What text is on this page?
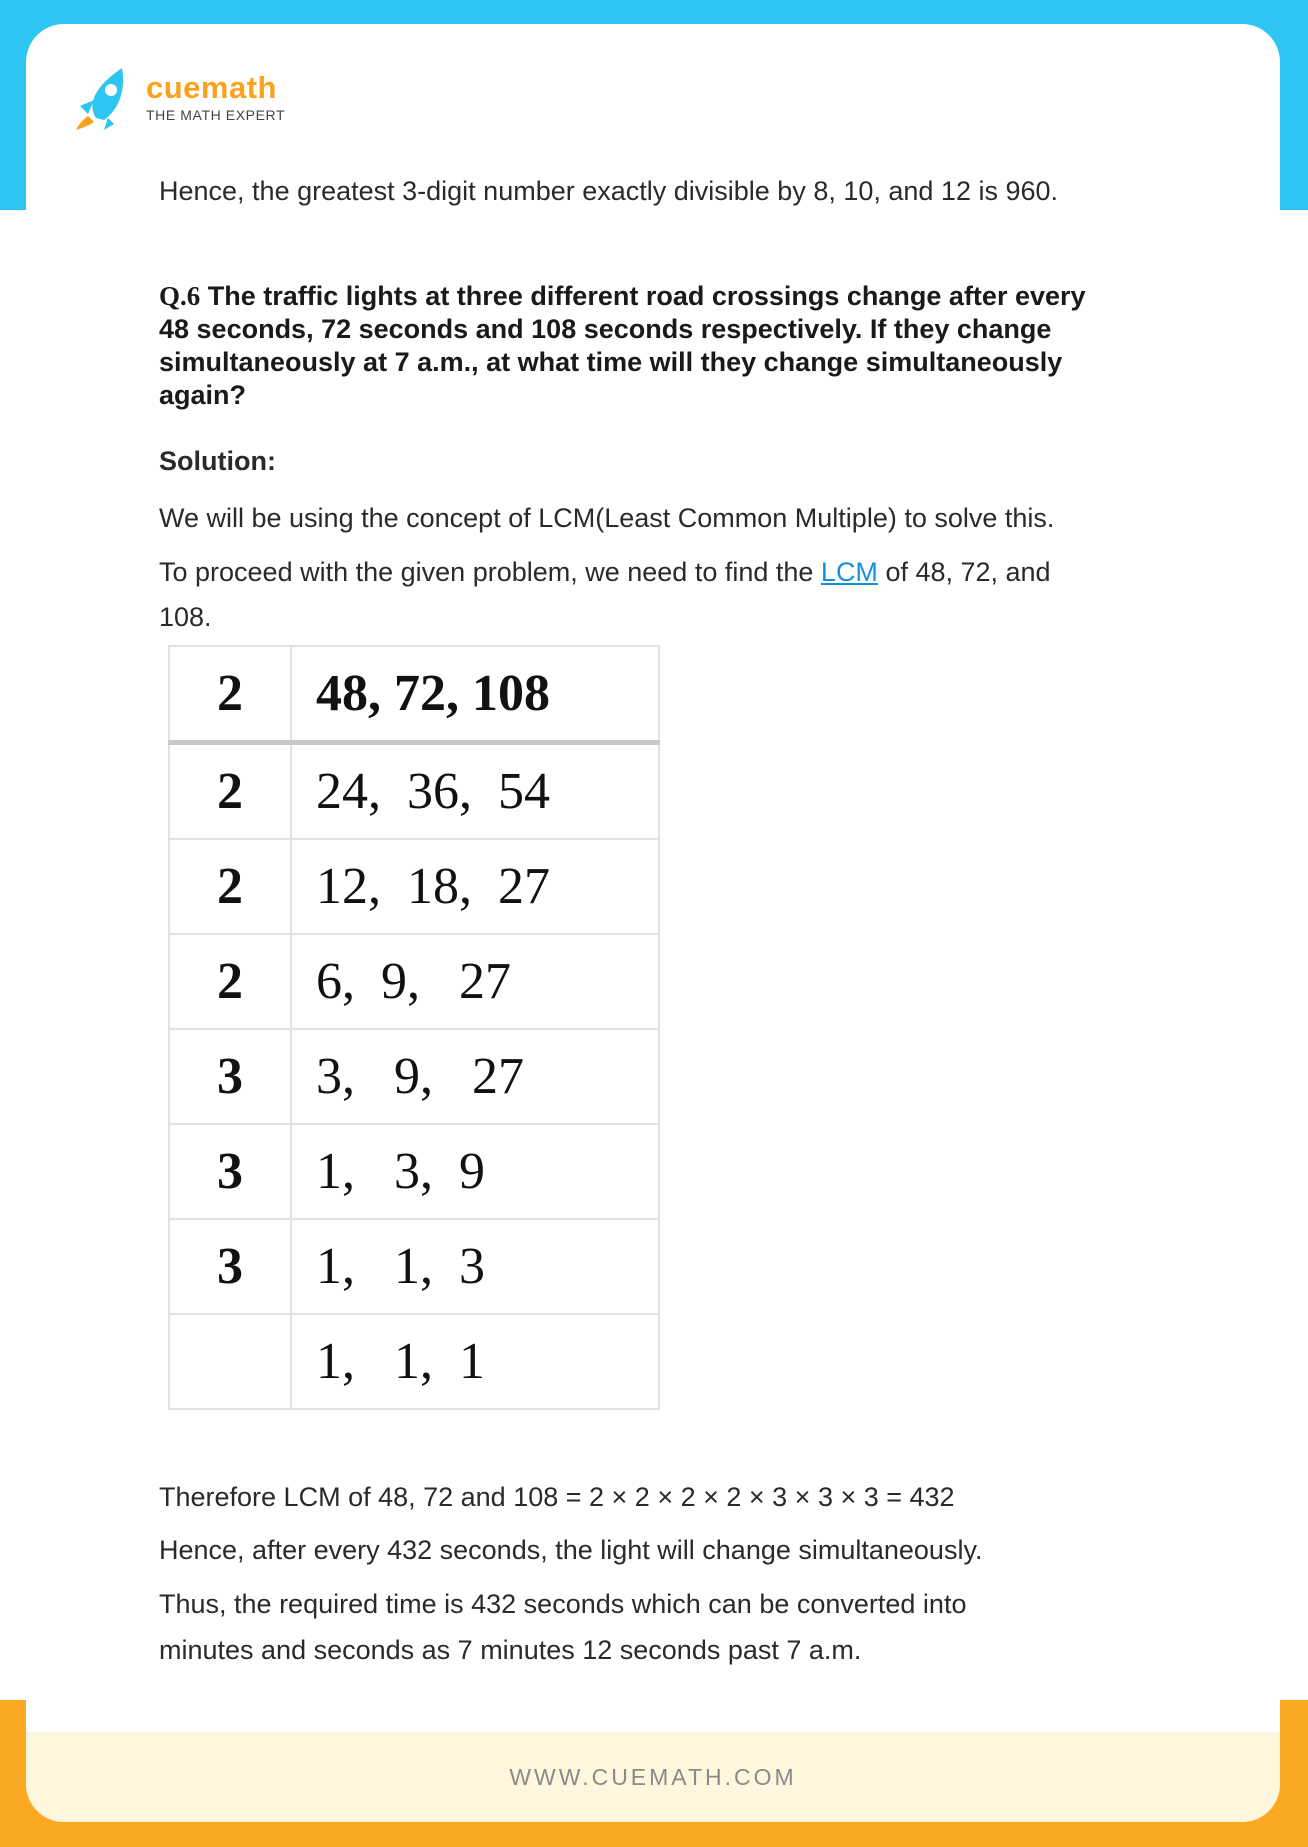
cuemath
THE MATH EXPERT
Hence, the greatest 3-digit number exactly divisible by 8, 10, and 12 is 960.
Q.6 The traffic lights at three different road crossings change after every
48 seconds, 72 seconds and 108 seconds respectively. If they change
simultaneously at 7 a.m., at what time will they change simultaneously
again?
Solution:
We will be using the concept of LCM(Least Common Multiple) to solve this.
To proceed with the given problem, we need to find the LCM of 48, 72, and
108.
Therefore LCM of 48, 72 and 108 = 2 × 2 × 2 × 2 × 3 × 3 × 3 = 432
Hence, after every 432 seconds, the light will change simultaneously.
Thus, the required time is 432 seconds which can be converted into
minutes and seconds as 7 minutes 12 seconds past 7 a.m.
WWW.CUEMATH.COM
2	48, 72, 108
2	24,  36,  54
2	12,  18,  27
2	6,  9,   27
3	3,   9,   27
3	1,   3,  9
3	1,   1,  3
	1,   1,  1
